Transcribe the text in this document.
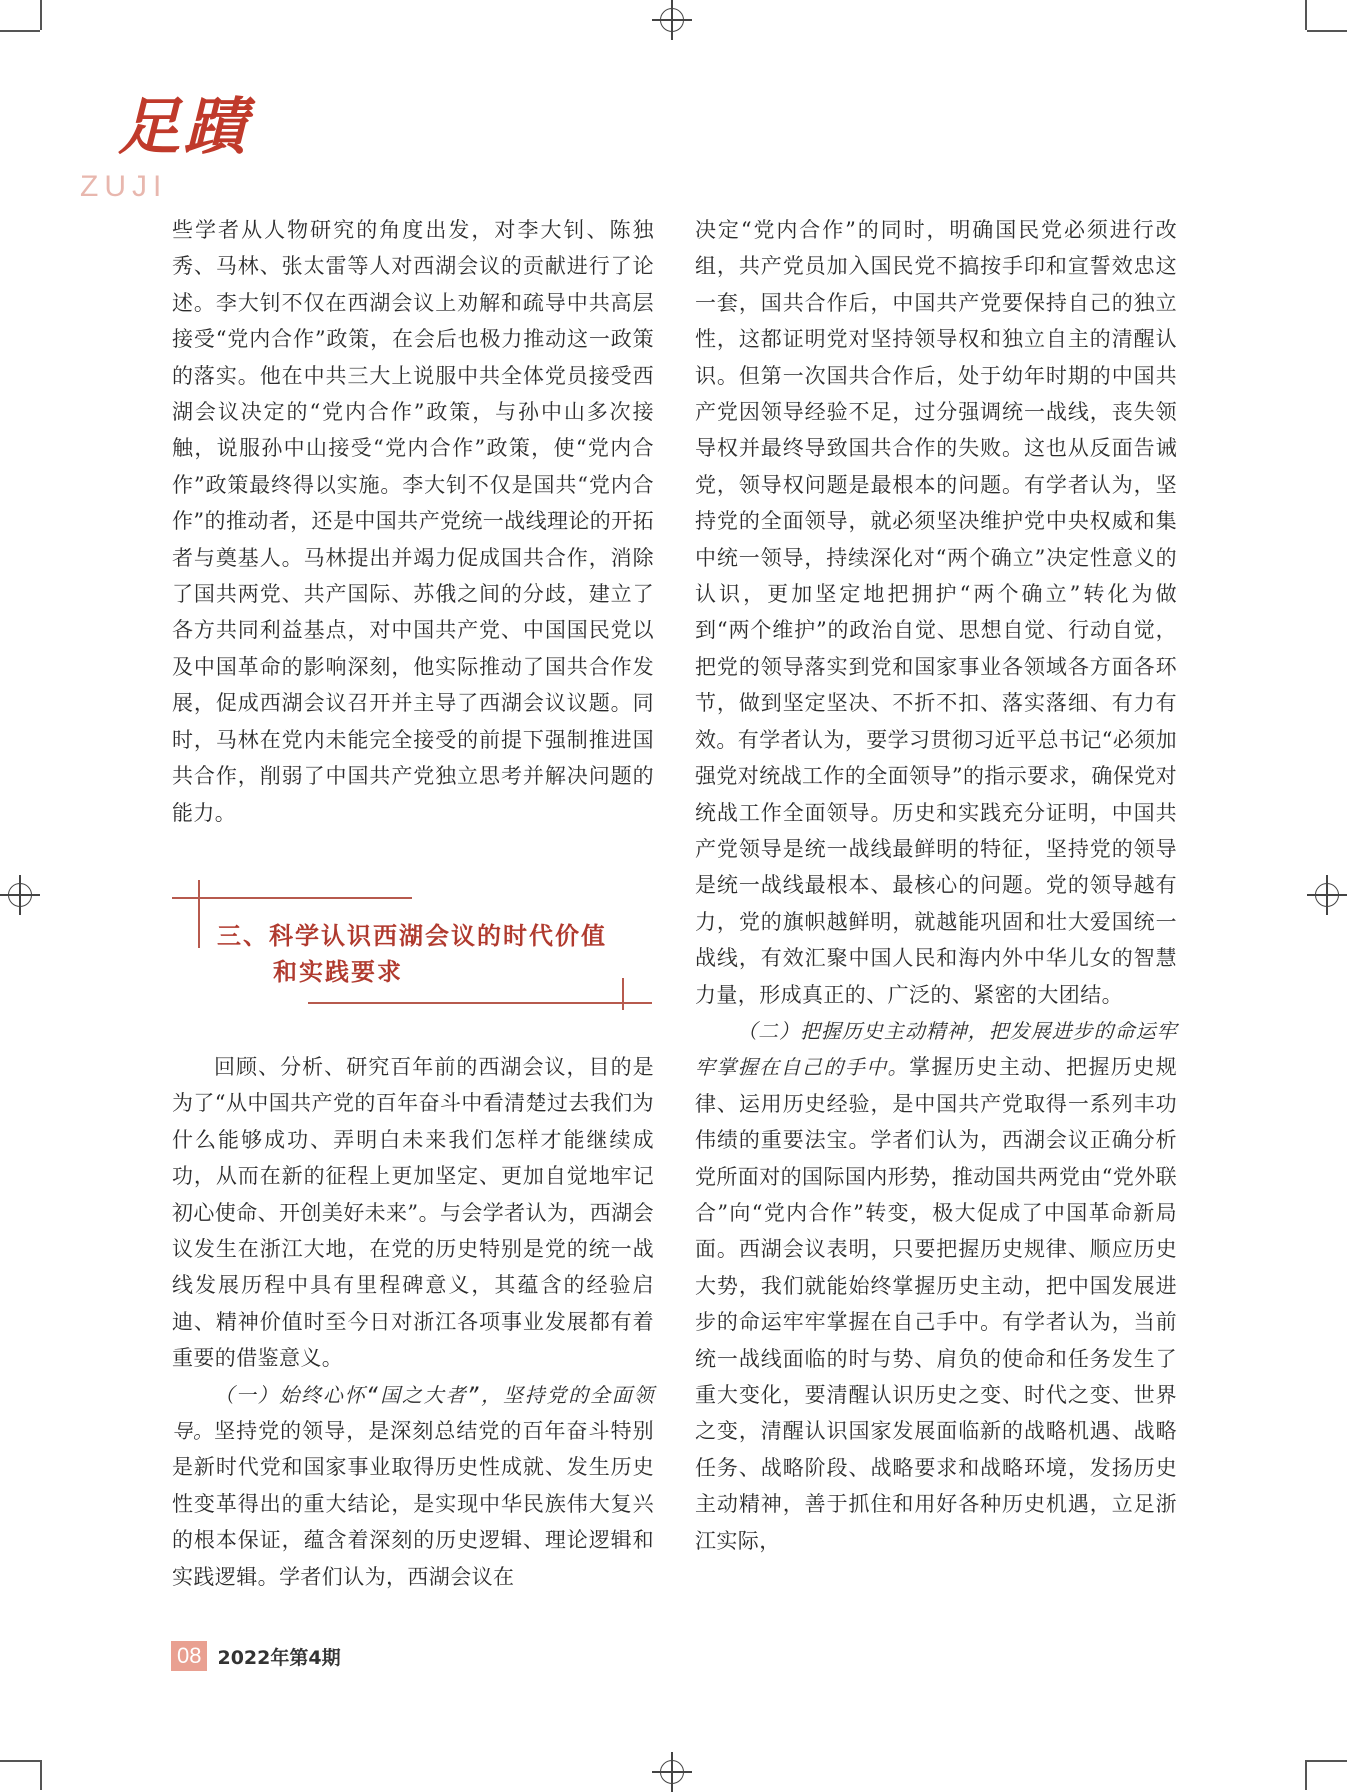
足蹟
ZUJI

些学者从人物研究的角度出发，对李大钊、陈独秀、马林、张太雷等人对西湖会议的贡献进行了论述。李大钊不仅在西湖会议上劝解和疏导中共高层接受“党内合作”政策，在会后也极力推动这一政策的落实。他在中共三大上说服中共全体党员接受西湖会议决定的“党内合作”政策，与孙中山多次接触，说服孙中山接受“党内合作”政策，使“党内合作”政策最终得以实施。李大钊不仅是国共“党内合作”的推动者，还是中国共产党统一战线理论的开拓者与奠基人。马林提出并竭力促成国共合作，消除了国共两党、共产国际、苏俄之间的分歧，建立了各方共同利益基点，对中国共产党、中国国民党以及中国革命的影响深刻，他实际推动了国共合作发展，促成西湖会议召开并主导了西湖会议议题。同时，马林在党内未能完全接受的前提下强制推进国共合作，削弱了中国共产党独立思考并解决问题的能力。

三、科学认识西湖会议的时代价值
和实践要求

回顾、分析、研究百年前的西湖会议，目的是为了“从中国共产党的百年奋斗中看清楚过去我们为什么能够成功、弄明白未来我们怎样才能继续成功，从而在新的征程上更加坚定、更加自觉地牢记初心使命、开创美好未来”。与会学者认为，西湖会议发生在浙江大地，在党的历史特别是党的统一战线发展历程中具有里程碑意义，其蕴含的经验启迪、精神价值时至今日对浙江各项事业发展都有着重要的借鉴意义。

（一）始终心怀“国之大者”，坚持党的全面领导。坚持党的领导，是深刻总结党的百年奋斗特别是新时代党和国家事业取得历史性成就、发生历史性变革得出的重大结论，是实现中华民族伟大复兴的根本保证，蕴含着深刻的历史逻辑、理论逻辑和实践逻辑。学者们认为，西湖会议在

决定“党内合作”的同时，明确国民党必须进行改组，共产党员加入国民党不搞按手印和宣誓效忠这一套，国共合作后，中国共产党要保持自己的独立性，这都证明党对坚持领导权和独立自主的清醒认识。但第一次国共合作后，处于幼年时期的中国共产党因领导经验不足，过分强调统一战线，丧失领导权并最终导致国共合作的失败。这也从反面告诫党，领导权问题是最根本的问题。有学者认为，坚持党的全面领导，就必须坚决维护党中央权威和集中统一领导，持续深化对“两个确立”决定性意义的认识，更加坚定地把拥护“两个确立”转化为做到“两个维护”的政治自觉、思想自觉、行动自觉，把党的领导落实到党和国家事业各领域各方面各环节，做到坚定坚决、不折不扣、落实落细、有力有效。有学者认为，要学习贯彻习近平总书记“必须加强党对统战工作的全面领导”的指示要求，确保党对统战工作全面领导。历史和实践充分证明，中国共产党领导是统一战线最鲜明的特征，坚持党的领导是统一战线最根本、最核心的问题。党的领导越有力，党的旗帜越鲜明，就越能巩固和壮大爱国统一战线，有效汇聚中国人民和海内外中华儿女的智慧力量，形成真正的、广泛的、紧密的大团结。

（二）把握历史主动精神，把发展进步的命运牢牢掌握在自己的手中。掌握历史主动、把握历史规律、运用历史经验，是中国共产党取得一系列丰功伟绩的重要法宝。学者们认为，西湖会议正确分析党所面对的国际国内形势，推动国共两党由“党外联合”向“党内合作”转变，极大促成了中国革命新局面。西湖会议表明，只要把握历史规律、顺应历史大势，我们就能始终掌握历史主动，把中国发展进步的命运牢牢掌握在自己手中。有学者认为，当前统一战线面临的时与势、肩负的使命和任务发生了重大变化，要清醒认识历史之变、时代之变、世界之变，清醒认识国家发展面临新的战略机遇、战略任务、战略阶段、战略要求和战略环境，发扬历史主动精神，善于抓住和用好各种历史机遇，立足浙江实际，

08 2022年第4期
